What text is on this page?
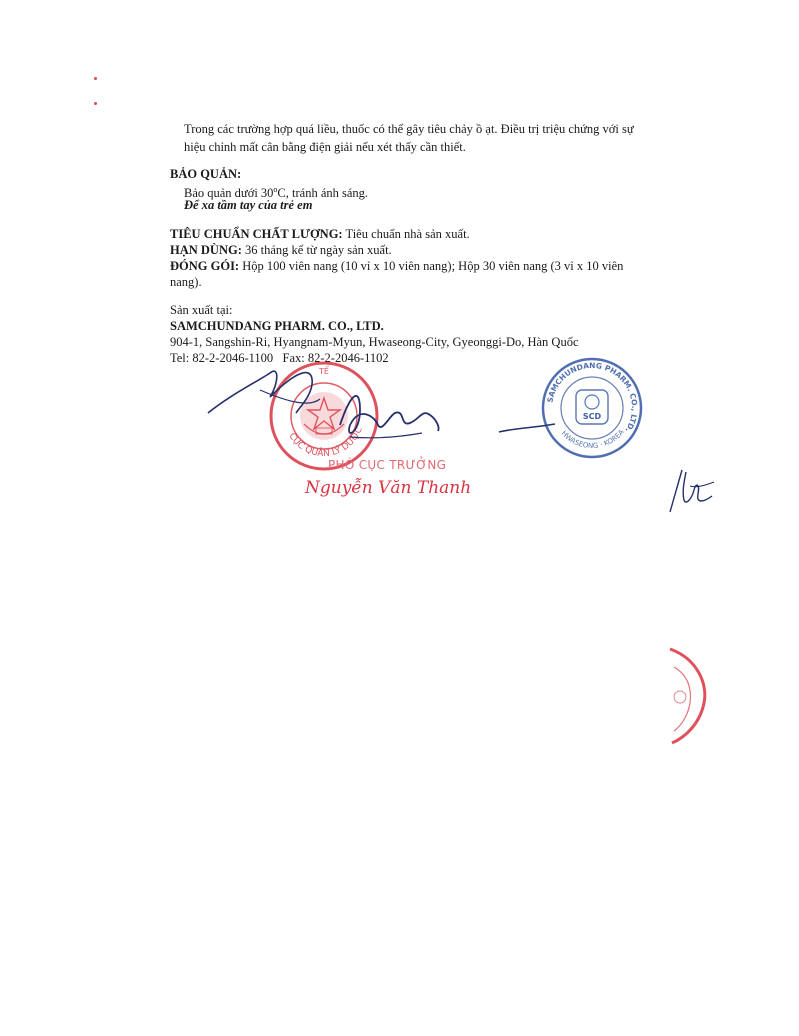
Trong các trường hợp quá liều, thuốc có thể gây tiêu chảy ồ ạt. Điều trị triệu chứng với sự
hiệu chỉnh mất cân bằng điện giải nếu xét thấy cần thiết.
BẢO QUẢN:
Bảo quản dưới 30$^o$C, tránh ánh sáng.
Để xa tầm tay của trẻ em
TIÊU CHUẨN CHẤT LƯỢNG: Tiêu chuẩn nhà sản xuất.
HẠN DÙNG: 36 tháng kể từ ngày sản xuất.
ĐÓNG GÓI: Hộp 100 viên nang (10 vỉ x 10 viên nang); Hộp 30 viên nang (3 vỉ x 10 viên
nang).
Sản xuất tại:
SAMCHUNDANG PHARM. CO., LTD.
904-1, Sangshin-Ri, Hyangnam-Myun, Hwaseong-City, Gyeonggi-Do, Hàn Quốc
Tel: 82-2-2046-1100 Fax: 82-2-2046-1102
CỤC QUẢN LÝ DƯỢC
TẾ
PHÓ CỤC TRƯỞNG
Nguyễn Văn Thanh
SAMCHUNDANG PHARM. CO., LTD.
HWASEONG · KOREA
SCD
